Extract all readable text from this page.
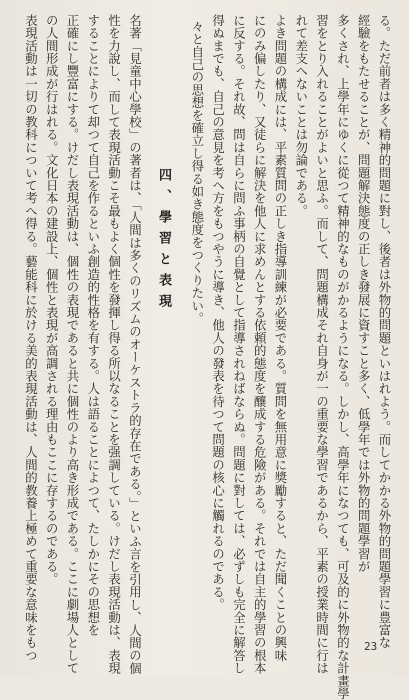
る。ただ前者は多く精神的問題に對し、後者は外物的問題といはれよう。而してかかる外物的問題學習に豊富な
經驗をもたせることが、問題解決態度の正しき發展に資すこと多く、低學年では外物的問題學習が
多くされ、上學年にゆくに從つて精神的なものがかるようになる。しかし、高學年になつても、可及的に外物的な計畫學
習をとり入れることがよいと思ふ。而して、問題構成それ自身が一の重要な學習であるから、平素の授業時間に行は
れて差支へないことは勿論である。
よき問題の構成には、平素質問の正しき指導訓練が必要である。質問を無用意に獎勵すると、ただ聞くことの興味
にのみ偏したり、又徒らに解決を他人に求めんとする依頼的態度を釀成する危險がある。それでは自主的學習の根本
に反する。それ故、問は自らに問ふ事柄の自覺として指導されねばならぬ。問題に對しては、必ずしも完全に解答し
得ぬまでも、自己の意見を考へ方をもつやうに導き、他人の發表を待つて問題の核心に觸れるのである。
々と自己の思想を確立し得る如き態度をつくりたい。
名著「見童中心學校」の著者は、「人間は多くのリズムのオーケストラ的存在である。」といふ言を引用し、人間の個
性を力說し、而して表現活動こそ最もよく個性を發揮し得る所以なることを强調している。けだし表現活動は、表現
することによりて却つて自己を作るといふ創造的性格を有する。人は語ることによつて、たしかにその思想を
正確にし豐富にする。けだし表現活動は、個性の表現であると共に個性のより高き形成である。ここに劇場人として
の人間形成が行はれる。文化日本の建設上、個性と表現が高調される理由もここに存するのである。
表現活動は一切の教科について考へ得る。藝能科に於ける美的表現活動は、人間的教養上極めて重要な意味をもつ	四、學習と表現
23
